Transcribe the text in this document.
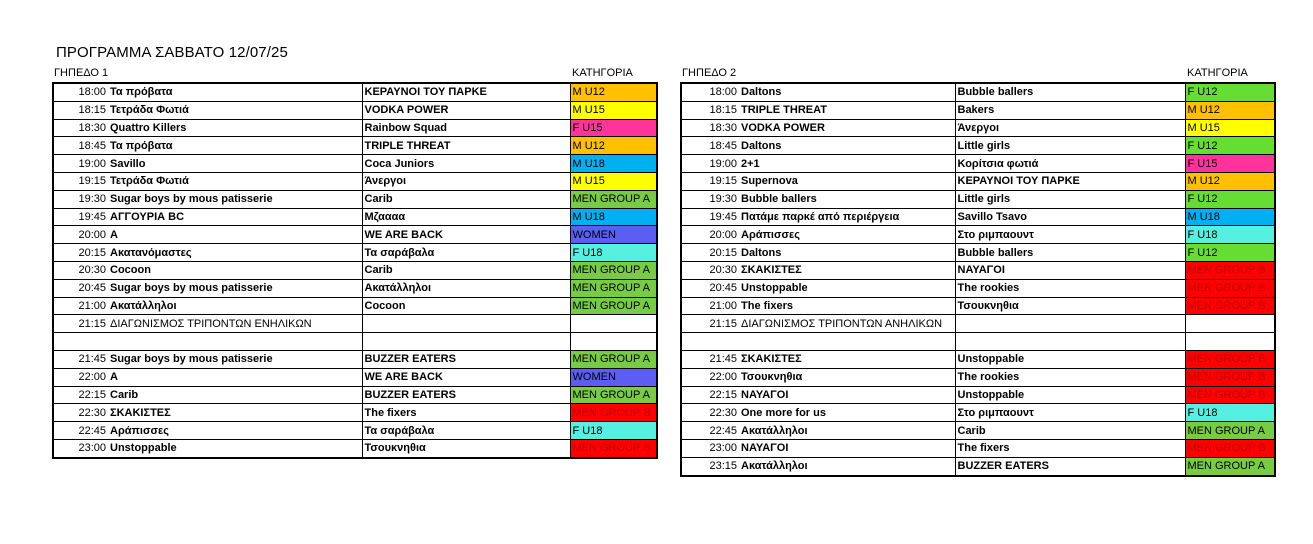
ΠΡΟΓΡΑΜΜΑ ΣΑΒΒΑΤΟ 12/07/25
ΓΗΠΕΔΟ 1	ΚΑΤΗΓΟΡΙΑ	ΓΗΠΕΔΟ 2	ΚΑΤΗΓΟΡΙΑ
18:00	Τα πρόβατα	ΚΕΡΑΥΝΟΙ ΤΟΥ ΠΑΡΚΕ	M U12
18:15	Τετράδα Φωτιά	VODKA POWER	M U15
18:30	Quattro Killers	Rainbow Squad	F U15
18:45	Τα πρόβατα	TRIPLE THREAT	M U12
19:00	Savillo	Coca Juniors	M U18
19:15	Τετράδα Φωτιά	Άνεργοι	M U15
19:30	Sugar boys by mous patisserie	Carib	MEN GROUP A
19:45	ΑΓΓΟΥΡΙΑ BC	Μζαααα	M U18
20:00	A	WE ARE BACK	WOMEN
20:15	Ακατανόμαστες	Τα σαράβαλα	F U18
20:30	Cocoon	Carib	MEN GROUP A
20:45	Sugar boys by mous patisserie	Ακατάλληλοι	MEN GROUP A
21:00	Ακατάλληλοι	Cocoon	MEN GROUP A
21:15	ΔΙΑΓΩΝΙΣΜΟΣ ΤΡΙΠΟΝΤΩΝ ΕΝΗΛΙΚΩΝ		

21:45	Sugar boys by mous patisserie	BUZZER EATERS	MEN GROUP A
22:00	A	WE ARE BACK	WOMEN
22:15	Carib	BUZZER EATERS	MEN GROUP A
22:30	ΣΚΑΚΙΣΤΕΣ	The fixers	MEN GROUP B
22:45	Αράπισσες	Τα σαράβαλα	F U18
23:00	Unstoppable	Τσουκνηθια	MEN GROUP B
18:00	Daltons	Bubble ballers	F U12
18:15	TRIPLE THREAT	Bakers	M U12
18:30	VODKA POWER	Άνεργοι	M U15
18:45	Daltons	Little girls	F U12
19:00	2+1	Κορίτσια φωτιά	F U15
19:15	Supernova	ΚΕΡΑΥΝΟΙ ΤΟΥ ΠΑΡΚΕ	M U12
19:30	Bubble ballers	Little girls	F U12
19:45	Πατάμε παρκέ από περιέργεια	Savillo Tsavo	M U18
20:00	Αράπισσες	Στο ριμπαουντ	F U18
20:15	Daltons	Bubble ballers	F U12
20:30	ΣΚΑΚΙΣΤΕΣ	ΝΑΥΑΓΟΙ	MEN GROUP B
20:45	Unstoppable	The rookies	MEN GROUP B
21:00	The fixers	Τσουκνηθια	MEN GROUP B
21:15	ΔΙΑΓΩΝΙΣΜΟΣ ΤΡΙΠΟΝΤΩΝ ΑΝΗΛΙΚΩΝ		

21:45	ΣΚΑΚΙΣΤΕΣ	Unstoppable	MEN GROUP B
22:00	Τσουκνηθια	The rookies	MEN GROUP B
22:15	ΝΑΥΑΓΟΙ	Unstoppable	MEN GROUP B
22:30	One more for us	Στο ριμπαουντ	F U18
22:45	Ακατάλληλοι	Carib	MEN GROUP A
23:00	ΝΑΥΑΓΟΙ	The fixers	MEN GROUP B
23:15	Ακατάλληλοι	BUZZER EATERS	MEN GROUP A
